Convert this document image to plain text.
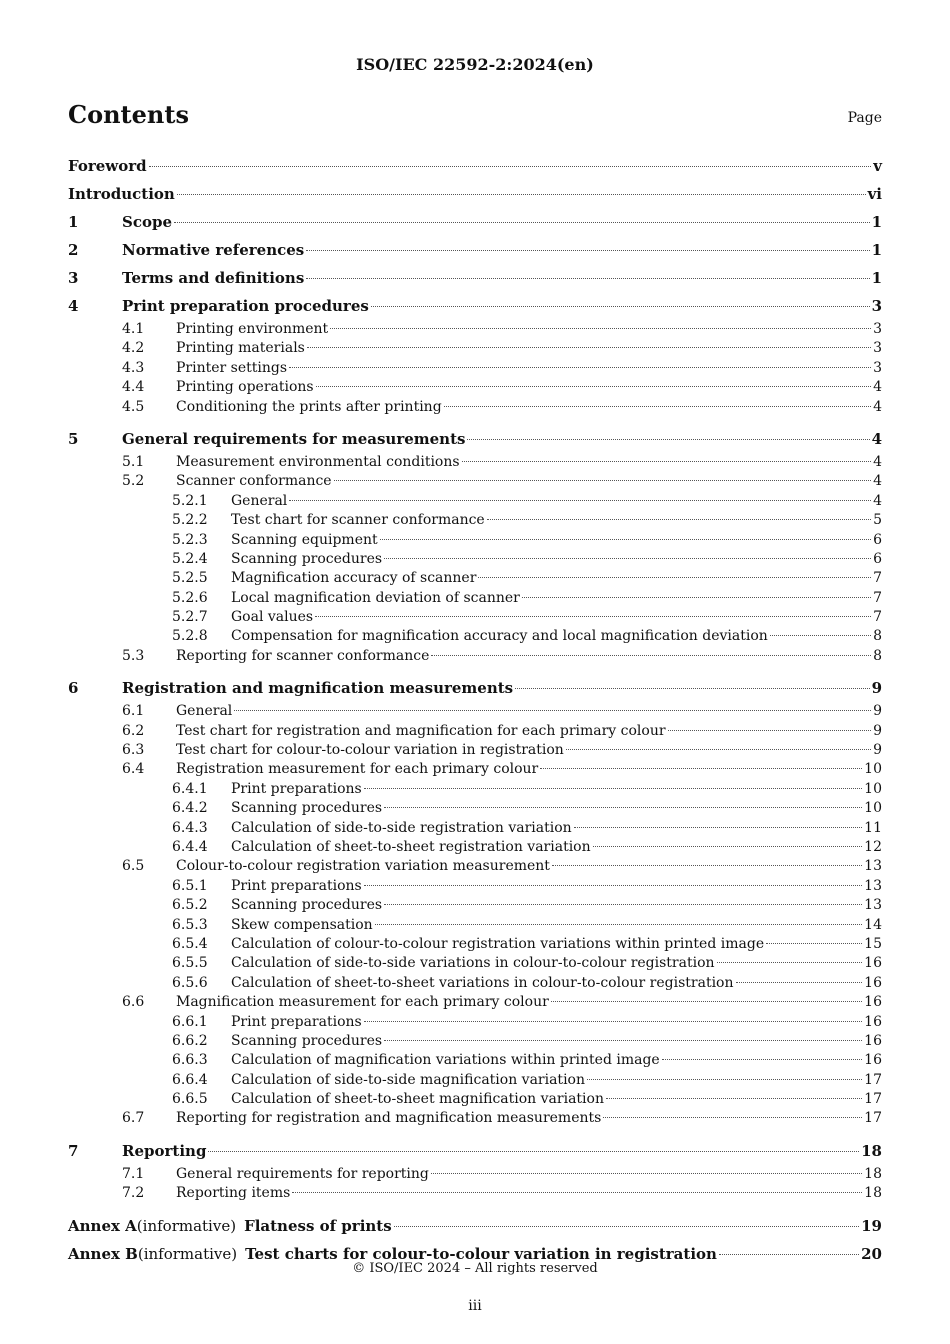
ISO/IEC 22592-2:2024(en)
Contents	Page
Foreword	v
Introduction	vi
1	Scope	1
2	Normative references	1
3	Terms and definitions	1
4	Print preparation procedures	3
4.1	Printing environment	3
4.2	Printing materials	3
4.3	Printer settings	3
4.4	Printing operations	4
4.5	Conditioning the prints after printing	4
5	General requirements for measurements	4
5.1	Measurement environmental conditions	4
5.2	Scanner conformance	4
5.2.1	General	4
5.2.2	Test chart for scanner conformance	5
5.2.3	Scanning equipment	6
5.2.4	Scanning procedures	6
5.2.5	Magnification accuracy of scanner	7
5.2.6	Local magnification deviation of scanner	7
5.2.7	Goal values	7
5.2.8	Compensation for magnification accuracy and local magnification deviation	8
5.3	Reporting for scanner conformance	8
6	Registration and magnification measurements	9
6.1	General	9
6.2	Test chart for registration and magnification for each primary colour	9
6.3	Test chart for colour-to-colour variation in registration	9
6.4	Registration measurement for each primary colour	10
6.4.1	Print preparations	10
6.4.2	Scanning procedures	10
6.4.3	Calculation of side-to-side registration variation	11
6.4.4	Calculation of sheet-to-sheet registration variation	12
6.5	Colour-to-colour registration variation measurement	13
6.5.1	Print preparations	13
6.5.2	Scanning procedures	13
6.5.3	Skew compensation	14
6.5.4	Calculation of colour-to-colour registration variations within printed image	15
6.5.5	Calculation of side-to-side variations in colour-to-colour registration	16
6.5.6	Calculation of sheet-to-sheet variations in colour-to-colour registration	16
6.6	Magnification measurement for each primary colour	16
6.6.1	Print preparations	16
6.6.2	Scanning procedures	16
6.6.3	Calculation of magnification variations within printed image	16
6.6.4	Calculation of side-to-side magnification variation	17
6.6.5	Calculation of sheet-to-sheet magnification variation	17
6.7	Reporting for registration and magnification measurements	17
7	Reporting	18
7.1	General requirements for reporting	18
7.2	Reporting items	18
Annex A (informative) Flatness of prints	19
Annex B (informative) Test charts for colour-to-colour variation in registration	20
© ISO/IEC 2024 – All rights reserved
iii
